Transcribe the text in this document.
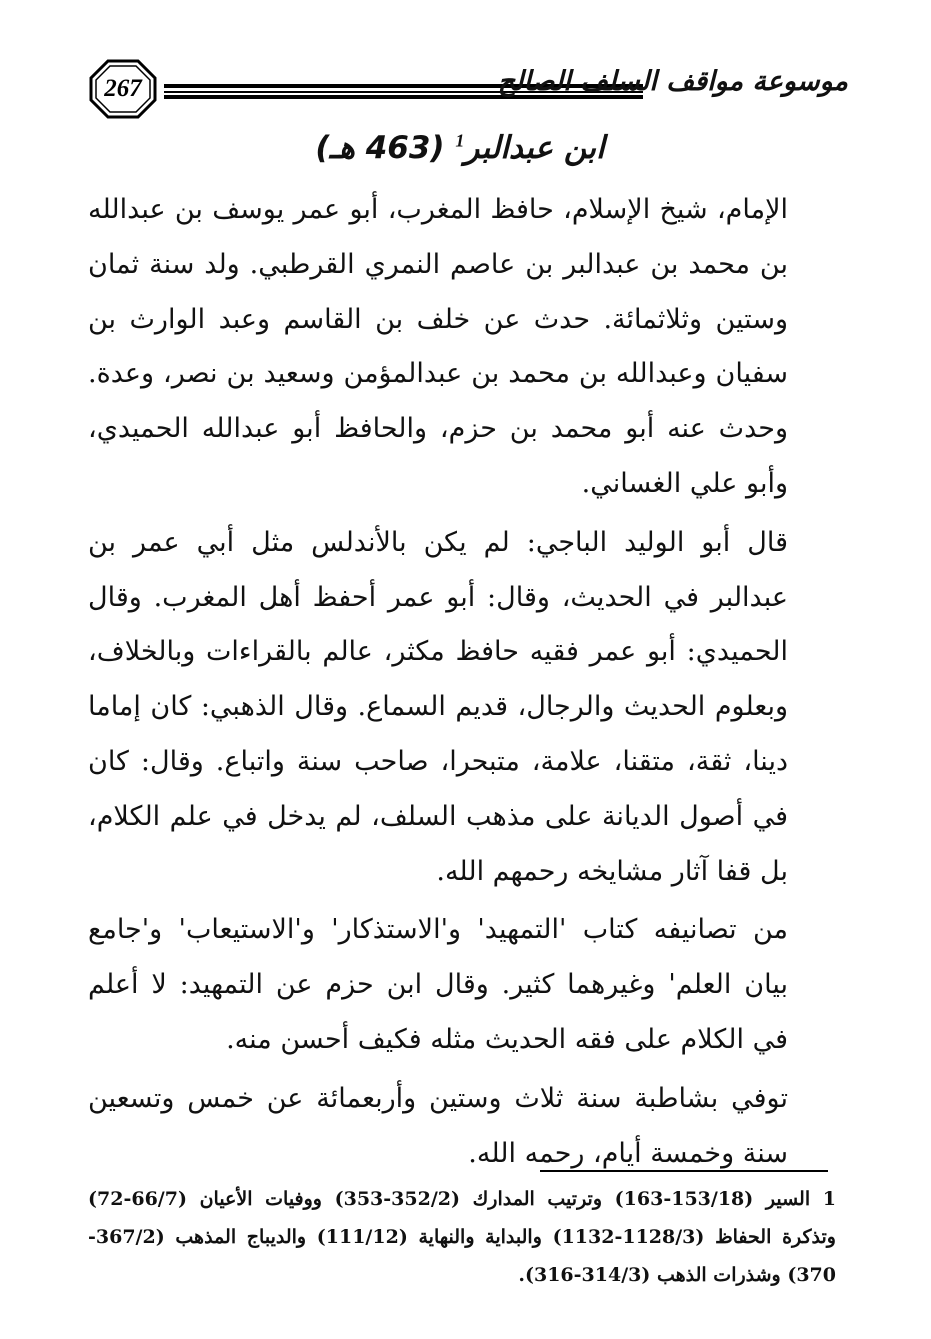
267	موسوعة مواقف السلف الصالح
ابن عبدالبر$^1$ (463 هـ)

الإمام، شيخ الإسلام، حافظ المغرب، أبو عمر يوسف بن عبدالله بن محمد بن عبدالبر بن عاصم النمري القرطبي. ولد سنة ثمان وستين وثلاثمائة. حدث عن خلف بن القاسم وعبد الوارث بن سفيان وعبدالله بن محمد بن عبدالمؤمن وسعيد بن نصر، وعدة. وحدث عنه أبو محمد بن حزم، والحافظ أبو عبدالله الحميدي، وأبو علي الغساني.

قال أبو الوليد الباجي: لم يكن بالأندلس مثل أبي عمر بن عبدالبر في الحديث، وقال: أبو عمر أحفظ أهل المغرب. وقال الحميدي: أبو عمر فقيه حافظ مكثر، عالم بالقراءات وبالخلاف، وبعلوم الحديث والرجال، قديم السماع. وقال الذهبي: كان إماما دينا، ثقة، متقنا، علامة، متبحرا، صاحب سنة واتباع. وقال: كان في أصول الديانة على مذهب السلف، لم يدخل في علم الكلام، بل قفا آثار مشايخه رحمهم الله.

من تصانيفه كتاب 'التمهيد' و'الاستذكار' و'الاستيعاب' و'جامع بيان العلم' وغيرهما كثير. وقال ابن حزم عن التمهيد: لا أعلم في الكلام على فقه الحديث مثله فكيف أحسن منه.

توفي بشاطبة سنة ثلاث وستين وأربعمائة عن خمس وتسعين سنة وخمسة أيام، رحمه الله.

1 السير (153/18-163) وترتيب المدارك (352/2-353) ووفيات الأعيان (66/7-72) وتذكرة الحفاظ (1128/3-1132) والبداية والنهاية (111/12) والديباج المذهب (367/2-370) وشذرات الذهب (314/3-316).
